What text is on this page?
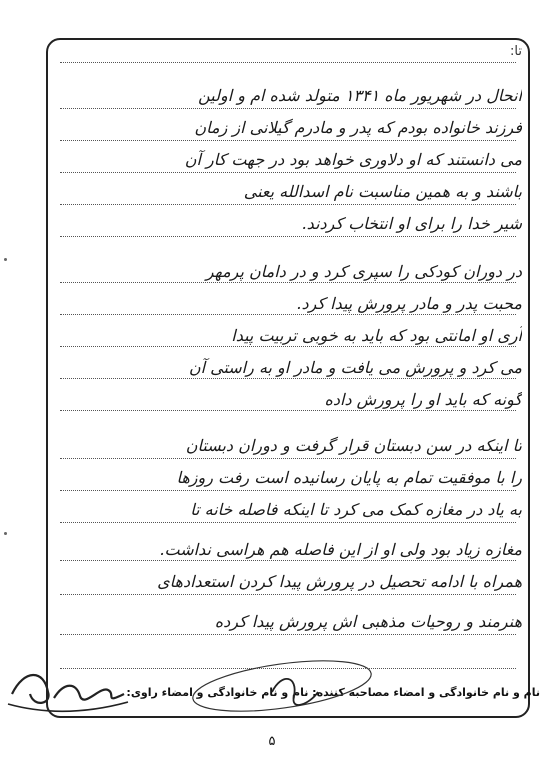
تا:
انحال در شهریور ماه ۱۳۴۱ متولد شده ام و اولین
فرزند خانواده بودم که پدر و مادرم گیلانی از زمان
می دانستند که او دلاوری خواهد بود در جهت کار آن
باشند و به همین مناسبت نام اسدالله یعنی
شیر خدا را برای او انتخاب کردند.
در دوران کودکی را سپری کرد و در دامان پرمهر
محبت پدر و مادر پرورش پیدا کرد.
آری او امانتی بود که باید به خوبی تربیت پیدا
می کرد و پرورش می یافت و مادر او به راستی آن
گونه که باید او را پرورش داده
تا اینکه در سن دبستان قرار گرفت و دوران دبستان
را با موفقیت تمام به پایان رسانیده است رفت روزها
به یاد در مغازه کمک می کرد تا اینکه فاصله خانه تا
مغازه زیاد بود ولی او از این فاصله هم هراسی نداشت.
همراه با ادامه تحصیل در پرورش پیدا کردن استعدادهای
هنرمند و روحیات مذهبی اش پرورش پیدا کرده
نام و نام خانوادگی و امضاء مصاحبه کننده: نام و نام خانوادگی و امضاء راوی:
۵
